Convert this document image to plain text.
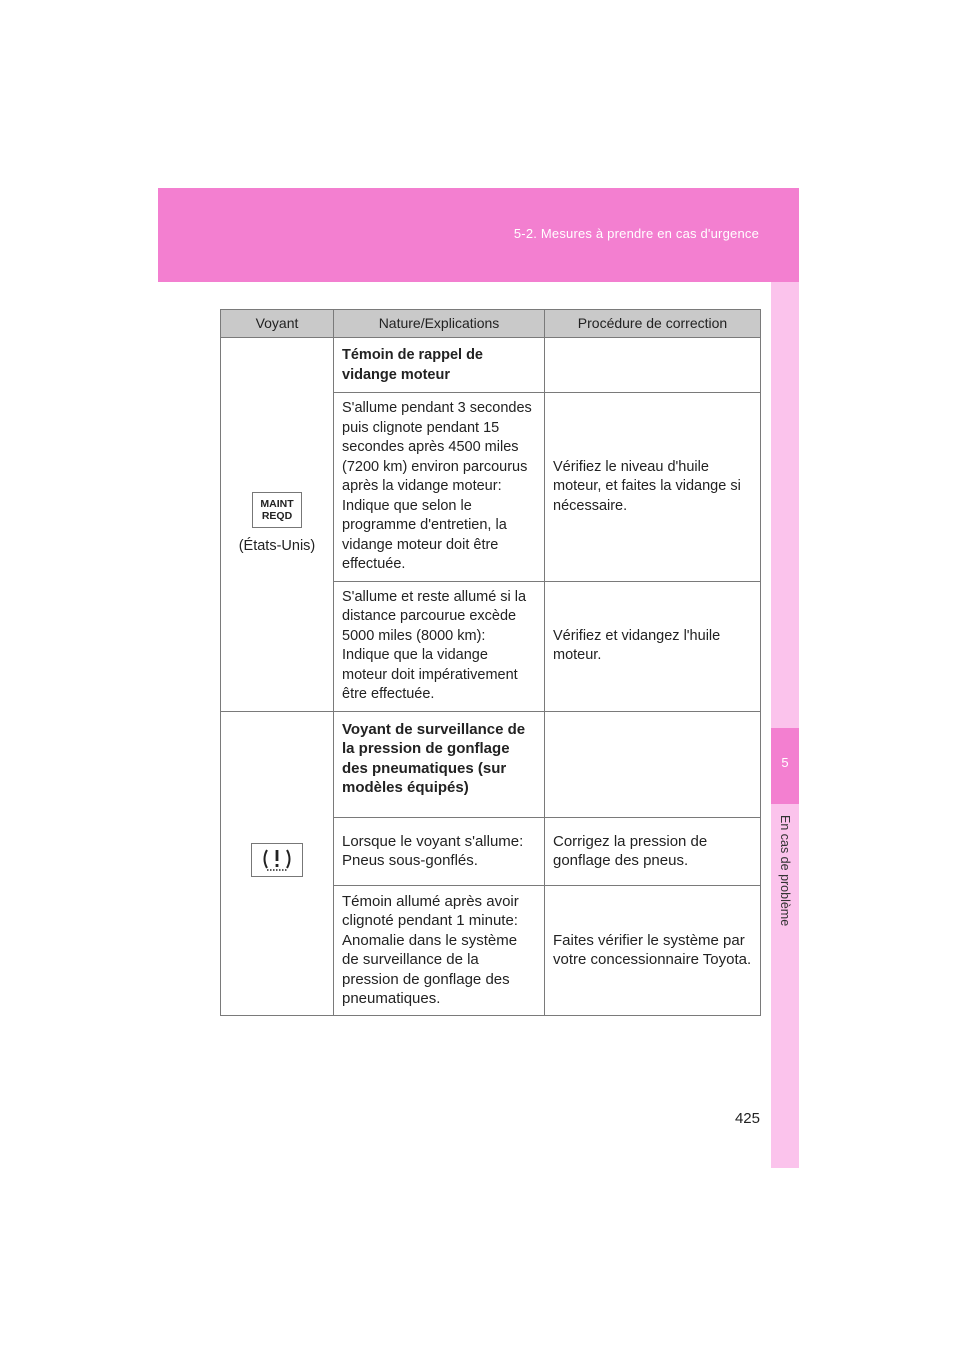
5-2. Mesures à prendre en cas d'urgence
5
En cas de problème
Voyant	Nature/Explications	Procédure de correction
MAINT
REQD
(États-Unis)	Témoin de rappel de vidange moteur	
	S'allume pendant 3 secondes puis clignote pendant 15 secondes après 4500 miles (7200 km) environ parcourus après la vidange moteur: Indique que selon le programme d'entretien, la vidange moteur doit être effectuée.	Vérifiez le niveau d'huile moteur, et faites la vidange si nécessaire.
	S'allume et reste allumé si la distance parcourue excède 5000 miles (8000 km): Indique que la vidange moteur doit impérativement être effectuée.	Vérifiez et vidangez l'huile moteur.

	Voyant de surveillance de la pression de gonflage des pneumatiques (sur modèles équipés)	
	Lorsque le voyant s'allume: Pneus sous-gonflés.	Corrigez la pression de gonflage des pneus.
	Témoin allumé après avoir clignoté pendant 1 minute: Anomalie dans le système de surveillance de la pression de gonflage des pneumatiques.	Faites vérifier le système par votre concessionnaire Toyota.
425
